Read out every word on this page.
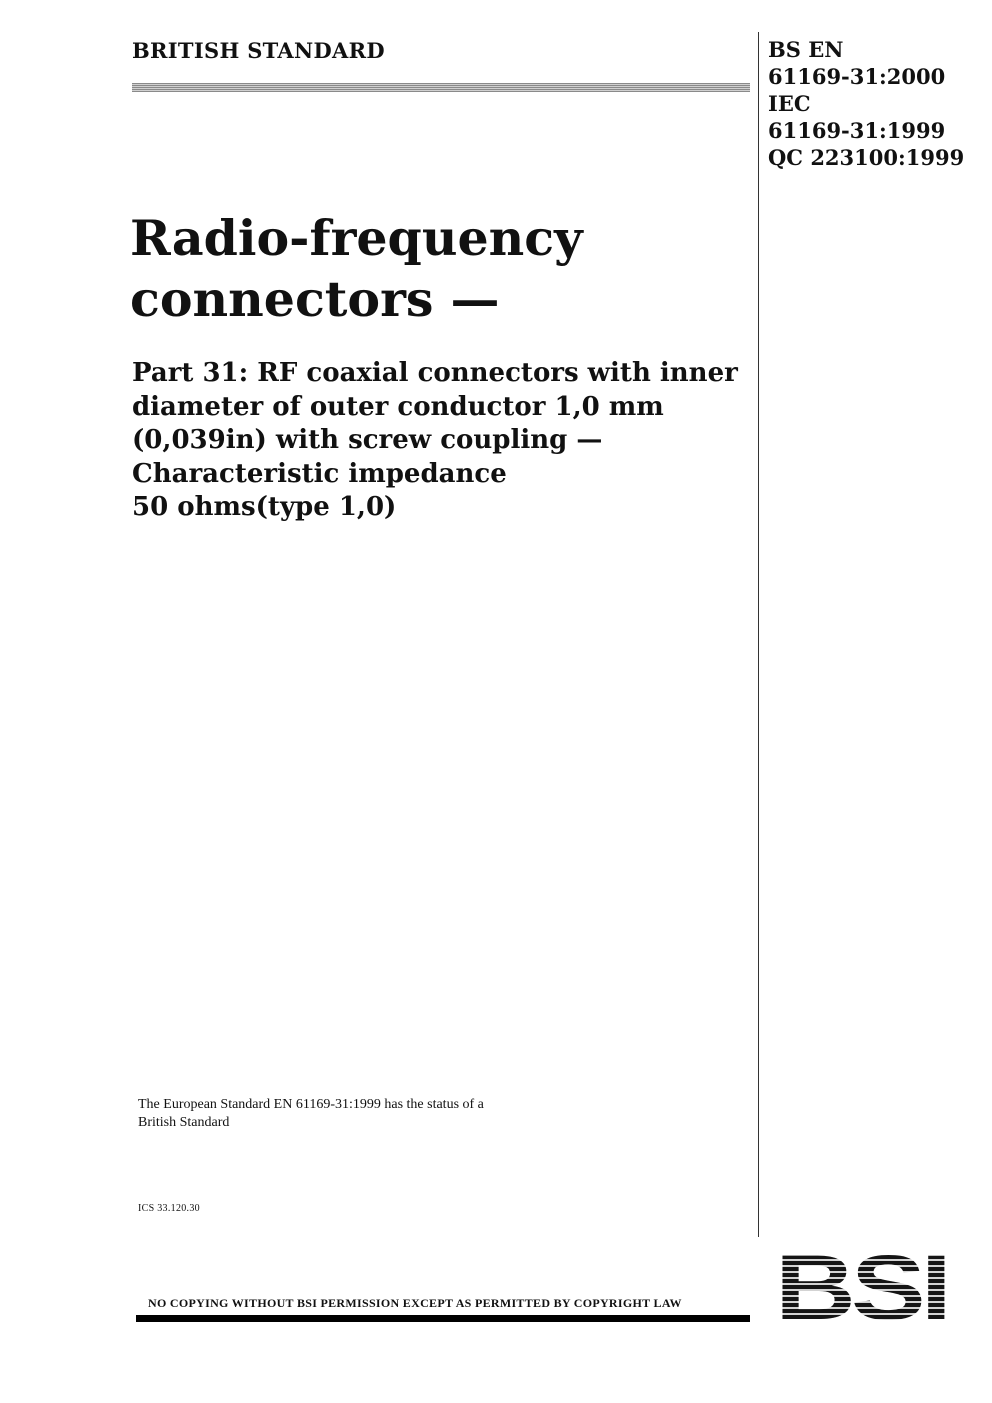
BRITISH STANDARD	BS EN
61169-31:2000
IEC
61169-31:1999
QC 223100:1999
Radio-frequency
connectors —
Part 31: RF coaxial connectors with inner
diameter of outer conductor 1,0 mm
(0,039in) with screw coupling —
Characteristic impedance
50 ohms(type 1,0)
The European Standard EN 61169-31:1999 has the status of a
British Standard
ICS 33.120.30
NO COPYING WITHOUT BSI PERMISSION EXCEPT AS PERMITTED BY COPYRIGHT LAW
